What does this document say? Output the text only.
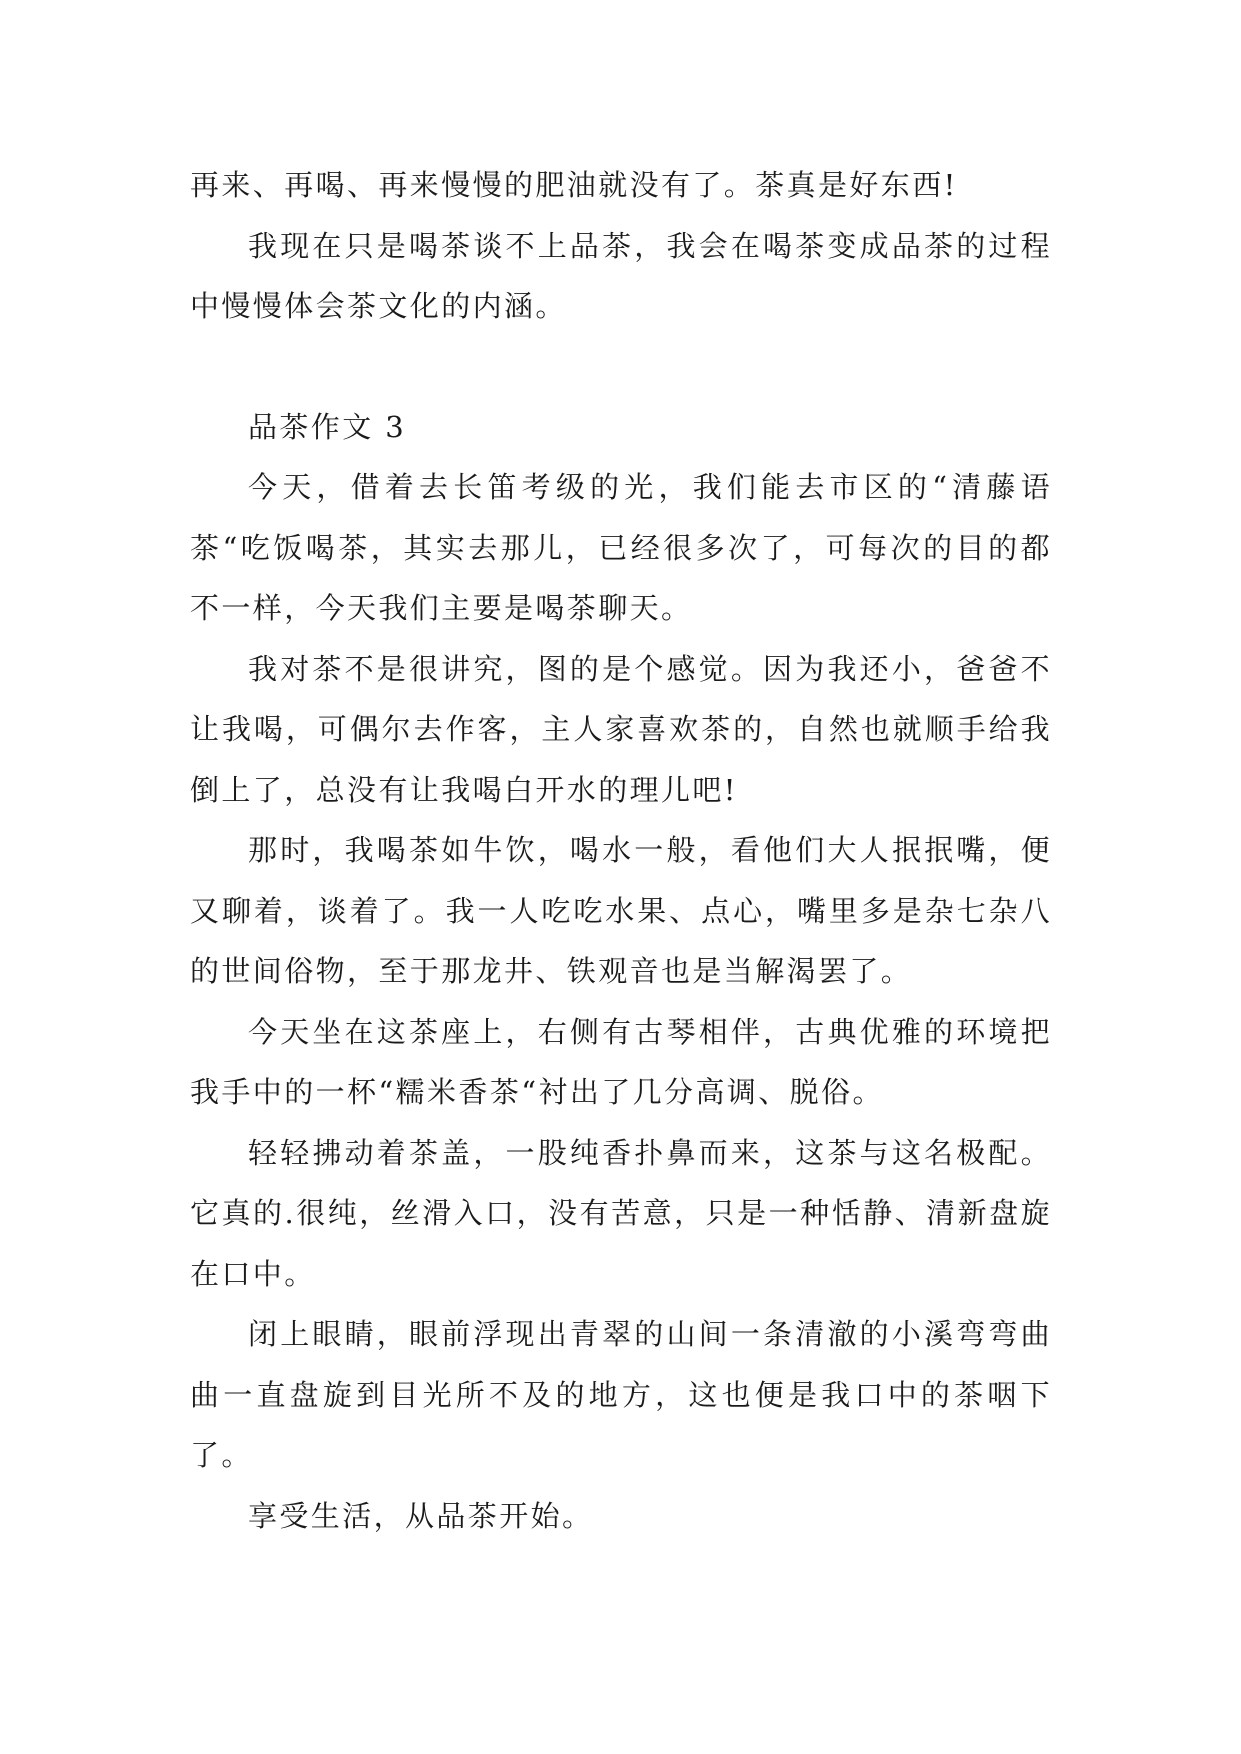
再来、再喝、再来慢慢的肥油就没有了。茶真是好东西!

我现在只是喝茶谈不上品茶，我会在喝茶变成品茶的过程中慢慢体会茶文化的内涵。

品茶作文 3

今天，借着去长笛考级的光，我们能去市区的“清藤语茶“吃饭喝茶，其实去那儿，已经很多次了，可每次的目的都不一样，今天我们主要是喝茶聊天。

我对茶不是很讲究，图的是个感觉。因为我还小，爸爸不让我喝，可偶尔去作客，主人家喜欢茶的，自然也就顺手给我倒上了，总没有让我喝白开水的理儿吧!

那时，我喝茶如牛饮，喝水一般，看他们大人抿抿嘴，便又聊着，谈着了。我一人吃吃水果、点心，嘴里多是杂七杂八的世间俗物，至于那龙井、铁观音也是当解渴罢了。

今天坐在这茶座上，右侧有古琴相伴，古典优雅的环境把我手中的一杯“糯米香茶“衬出了几分高调、脱俗。

轻轻拂动着茶盖，一股纯香扑鼻而来，这茶与这名极配。它真的.很纯，丝滑入口，没有苦意，只是一种恬静、清新盘旋在口中。

闭上眼睛，眼前浮现出青翠的山间一条清澈的小溪弯弯曲曲一直盘旋到目光所不及的地方，这也便是我口中的茶咽下了。

享受生活，从品茶开始。
